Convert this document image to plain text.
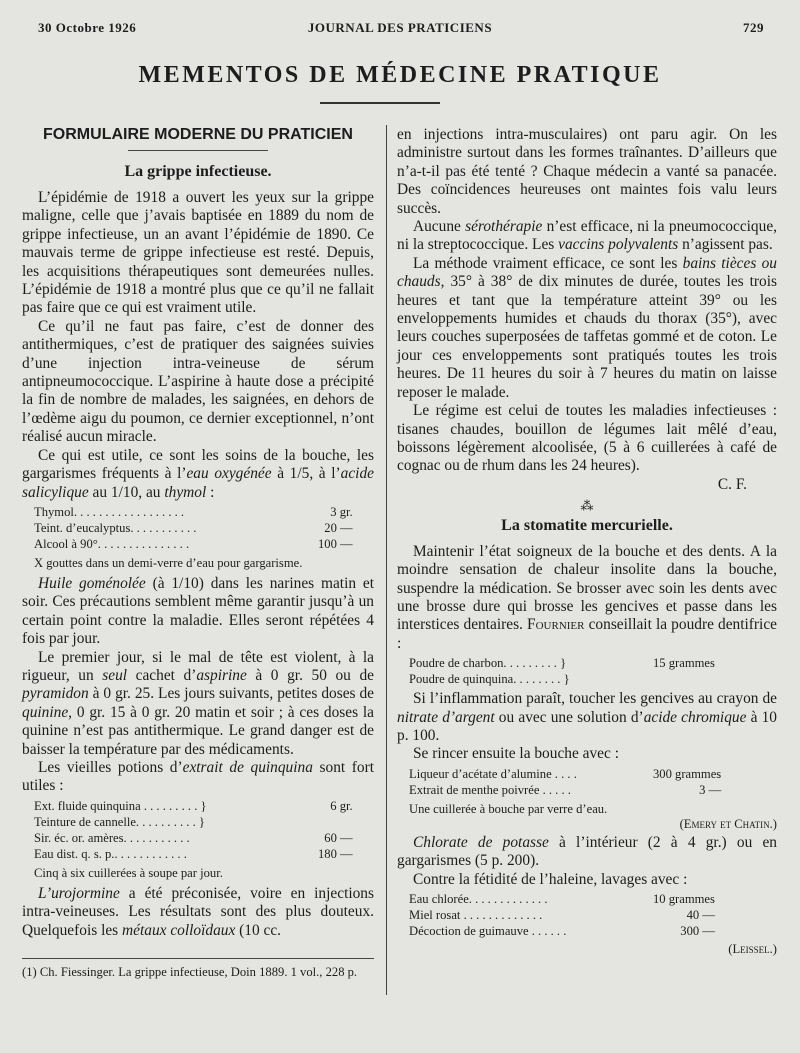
30 Octobre 1926	JOURNAL DES PRATICIENS	729
MEMENTOS DE MÉDECINE PRATIQUE
FORMULAIRE MODERNE DU PRATICIEN
La grippe infectieuse.

L’épidémie de 1918 a ouvert les yeux sur la grippe maligne, celle que j’avais baptisée en 1889 du nom de grippe infectieuse, un an avant l’épidémie de 1890. Ce mauvais terme de grippe infectieuse est resté. Depuis, les acquisitions thérapeutiques sont demeurées nulles. L’épidémie de 1918 a montré plus que ce qu’il ne fallait pas faire que ce qui est vraiment utile.

Ce qu’il ne faut pas faire, c’est de donner des antithermiques, c’est de pratiquer des saignées suivies d’une injection intra-veineuse de sérum antipneumococcique. L’aspirine à haute dose a précipité la fin de nombre de malades, les saignées, en dehors de l’œdème aigu du poumon, ce dernier exceptionnel, n’ont réalisé aucun miracle.

Ce qui est utile, ce sont les soins de la bouche, les gargarismes fréquents à l’eau oxygénée à 1/5, à l’acide salicylique au 1/10, au thymol :

Thymol. . . . . . . . . . . . . . . . . .	3 gr.
Teint. d’eucalyptus. . . . . . . . . . .	20 —
Alcool à 90°. . . . . . . . . . . . . . .	100 —
X gouttes dans un demi-verre d’eau pour gargarisme.

Huile goménolée (à 1/10) dans les narines matin et soir. Ces précautions semblent même garantir jusqu’à un certain point contre la maladie. Elles seront répétées 4 fois par jour.

Le premier jour, si le mal de tête est violent, à la rigueur, un seul cachet d’aspirine à 0 gr. 50 ou de pyramidon à 0 gr. 25. Les jours suivants, petites doses de quinine, 0 gr. 15 à 0 gr. 20 matin et soir ; à ces doses la quinine n’est pas antithermique. Le grand danger est de baisser la température par des médicaments.

Les vieilles potions d’extrait de quinquina sont fort utiles :

Ext. fluide quinquina . . . . . . . . . }	6 gr.
Teinture de cannelle. . . . . . . . . . }	
Sir. éc. or. amères. . . . . . . . . . .	60 —
Eau dist. q. s. p.. . . . . . . . . . . .	180 —
Cinq à six cuillerées à soupe par jour.

L’urojormine a été préconisée, voire en injections intra-veineuses. Les résultats sont des plus douteux. Quelquefois les métaux colloïdaux (10 cc.

(1) Ch. Fiessinger. La grippe infectieuse, Doin 1889. 1 vol., 228 p.

en injections intra-musculaires) ont paru agir. On les administre surtout dans les formes traînantes. D’ailleurs que n’a-t-il pas été tenté ? Chaque médecin a vanté sa panacée. Des coïncidences heureuses ont maintes fois valu leurs succès.

Aucune sérothérapie n’est efficace, ni la pneumococcique, ni la streptococcique. Les vaccins polyvalents n’agissent pas.

La méthode vraiment efficace, ce sont les bains tièces ou chauds, 35° à 38° de dix minutes de durée, toutes les trois heures et tant que la température atteint 39° ou les enveloppements humides et chauds du thorax (35°), avec leurs couches superposées de taffetas gommé et de coton. Le jour ces enveloppements sont pratiqués toutes les trois heures. De 11 heures du soir à 7 heures du matin on laisse reposer le malade.

Le régime est celui de toutes les maladies infectieuses : tisanes chaudes, bouillon de légumes lait mêlé d’eau, boissons légèrement alcoolisée, (5 à 6 cuillerées à café de cognac ou de rhum dans les 24 heures).

C. F.
⁂
La stomatite mercurielle.

Maintenir l’état soigneux de la bouche et des dents. A la moindre sensation de chaleur insolite dans la bouche, suspendre la médication. Se brosser avec soin les dents avec une brosse dure qui brosse les gencives et passe dans les interstices dentaires. Fournier conseillait la poudre dentifrice :

Poudre de charbon. . . . . . . . . }	15 grammes
Poudre de quinquina. . . . . . . . }	

Si l’inflammation paraît, toucher les gencives au crayon de nitrate d’argent ou avec une solution d’acide chromique à 10 p. 100.

Se rincer ensuite la bouche avec :

Liqueur d’acétate d’alumine . . . .	300 grammes
Extrait de menthe poivrée . . . . .	3 —
Une cuillerée à bouche par verre d’eau.
(Emery et Chatin.)

Chlorate de potasse à l’intérieur (2 à 4 gr.) ou en gargarismes (5 p. 200).

Contre la fétidité de l’haleine, lavages avec :

Eau chlorée. . . . . . . . . . . . .	10 grammes
Miel rosat . . . . . . . . . . . . .	40 —
Décoction de guimauve . . . . . .	300 —
(Leissel.)
